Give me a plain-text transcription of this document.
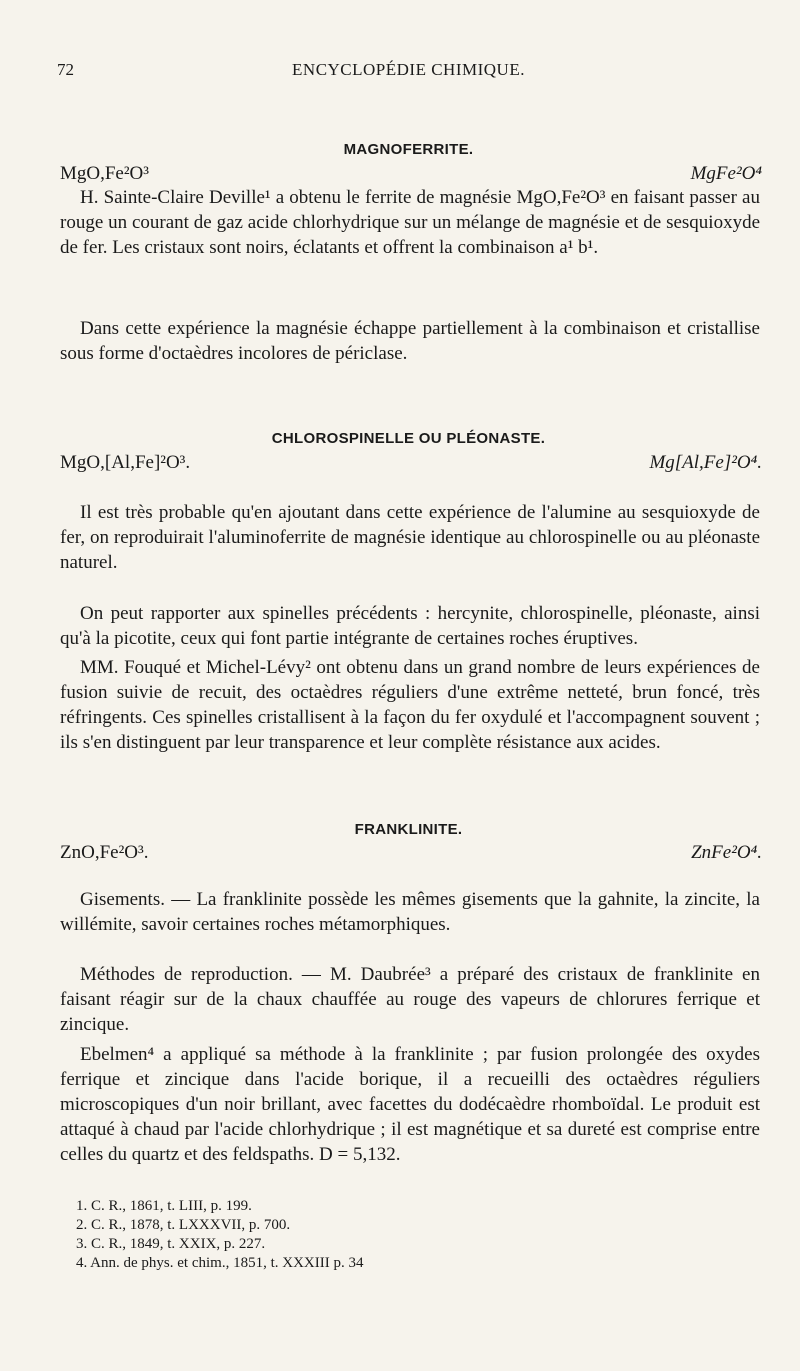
72	ENCYCLOPÉDIE CHIMIQUE.
MAGNOFERRITE.
MgO,Fe²O³	MgFe²O⁴

H. Sainte-Claire Deville¹ a obtenu le ferrite de magnésie MgO,Fe²O³ en faisant passer au rouge un courant de gaz acide chlorhydrique sur un mélange de magnésie et de sesquioxyde de fer. Les cristaux sont noirs, éclatants et offrent la combinaison a¹ b¹.

Dans cette expérience la magnésie échappe partiellement à la combinaison et cristallise sous forme d'octaèdres incolores de périclase.

CHLOROSPINELLE OU PLÉONASTE.
MgO,[Al,Fe]²O³.	Mg[Al,Fe]²O⁴.

Il est très probable qu'en ajoutant dans cette expérience de l'alumine au sesquioxyde de fer, on reproduirait l'aluminoferrite de magnésie identique au chlorospinelle ou au pléonaste naturel.

On peut rapporter aux spinelles précédents : hercynite, chlorospinelle, pléonaste, ainsi qu'à la picotite, ceux qui font partie intégrante de certaines roches éruptives.

MM. Fouqué et Michel-Lévy² ont obtenu dans un grand nombre de leurs expériences de fusion suivie de recuit, des octaèdres réguliers d'une extrême netteté, brun foncé, très réfringents. Ces spinelles cristallisent à la façon du fer oxydulé et l'accompagnent souvent ; ils s'en distinguent par leur transparence et leur complète résistance aux acides.

FRANKLINITE.
ZnO,Fe²O³.	ZnFe²O⁴.

Gisements. — La franklinite possède les mêmes gisements que la gahnite, la zincite, la willémite, savoir certaines roches métamorphiques.

Méthodes de reproduction. — M. Daubrée³ a préparé des cristaux de franklinite en faisant réagir sur de la chaux chauffée au rouge des vapeurs de chlorures ferrique et zincique.

Ebelmen⁴ a appliqué sa méthode à la franklinite ; par fusion prolongée des oxydes ferrique et zincique dans l'acide borique, il a recueilli des octaèdres réguliers microscopiques d'un noir brillant, avec facettes du dodécaèdre rhomboïdal. Le produit est attaqué à chaud par l'acide chlorhydrique ; il est magnétique et sa dureté est comprise entre celles du quartz et des feldspaths. D = 5,132.

1. C. R., 1861, t. LIII, p. 199.
2. C. R., 1878, t. LXXXVII, p. 700.
3. C. R., 1849, t. XXIX, p. 227.
4. Ann. de phys. et chim., 1851, t. XXXIII p. 34
